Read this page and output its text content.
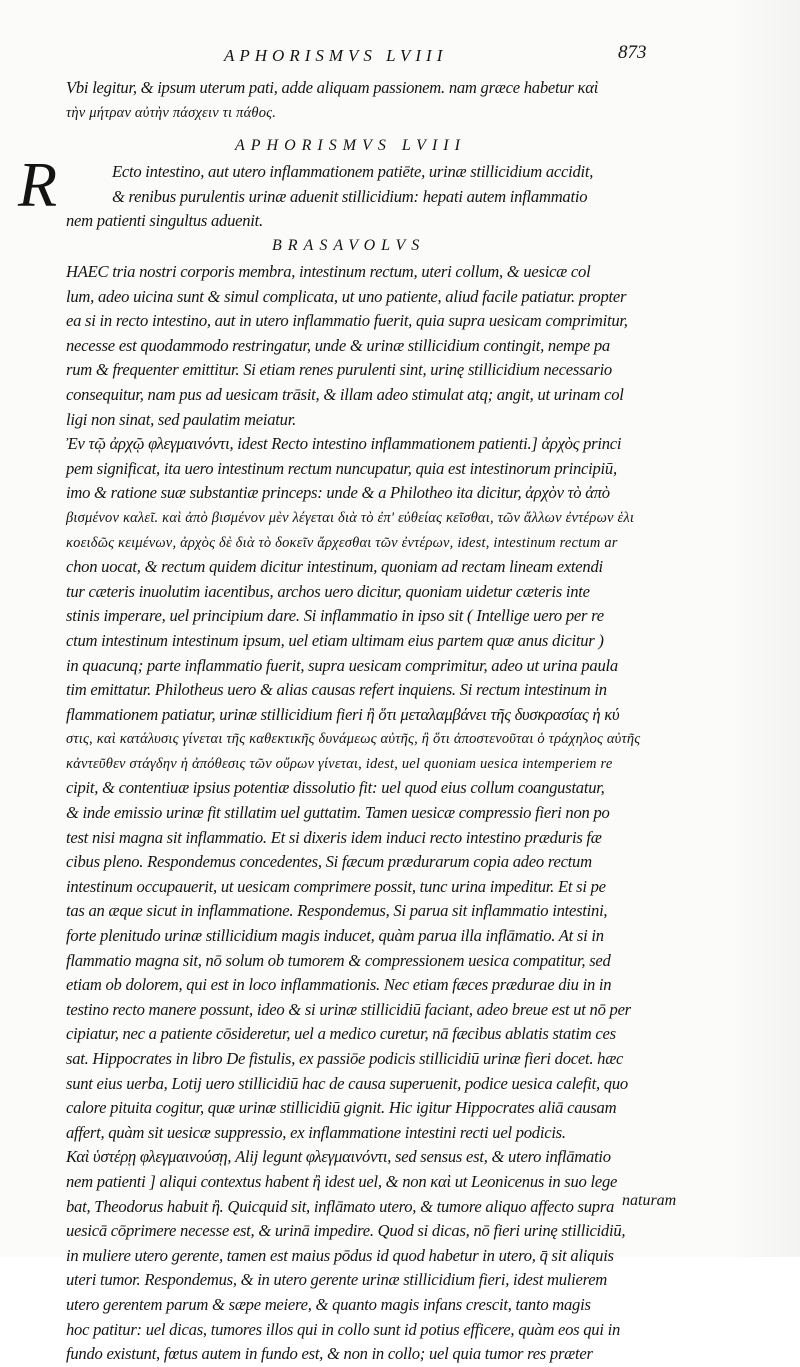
APHORISMVS LVIII	873
Vbi legitur, & ipsum uterum pati, adde aliquam passionem. nam græce habetur καὶ
τὴν μήτραν αὐτὴν πάσχειν τι πάθος.
APHORISMVS LVIII
R	Ecto intestino, aut utero inflammationem patiēte, urinæ stillicidium accidit,
& renibus purulentis urinæ aduenit stillicidium: hepati autem inflammatio
nem patienti singultus aduenit.
BRASAVOLVS
HAEC tria nostri corporis membra, intestinum rectum, uteri collum, & uesicæ col
lum, adeo uicina sunt & simul complicata, ut uno patiente, aliud facile patiatur. propter
ea si in recto intestino, aut in utero inflammatio fuerit, quia supra uesicam comprimitur,
necesse est quodammodo restringatur, unde & urinæ stillicidium contingit, nempe pa
rum & frequenter emittitur. Si etiam renes purulenti sint, urinę stillicidium necessario
consequitur, nam pus ad uesicam trāsit, & illam adeo stimulat atq; angit, ut urinam col
ligi non sinat, sed paulatim meiatur.
Ἐν τῷ ἀρχῷ φλεγμαινόντι, idest Recto intestino inflammationem patienti.] ἀρχὸς princi
pem significat, ita uero intestinum rectum nuncupatur, quia est intestinorum principiū,
imo & ratione suæ substantiæ princeps: unde & a Philotheo ita dicitur, ἀρχὸν τὸ ἀπὸ
βισμένον καλεῖ. καὶ ἀπὸ βισμένον μὲν λέγεται διὰ τὸ ἐπ' εὐθείας κεῖσθαι, τῶν ἄλλων ἐντέρων ἑλι
κοειδῶς κειμένων, ἀρχὸς δὲ διὰ τὸ δοκεῖν ἄρχεσθαι τῶν ἐντέρων, idest, intestinum rectum ar
chon uocat, & rectum quidem dicitur intestinum, quoniam ad rectam lineam extendi
tur cæteris inuolutim iacentibus, archos uero dicitur, quoniam uidetur cæteris inte
stinis imperare, uel principium dare. Si inflammatio in ipso sit ( Intellige uero per re
ctum intestinum intestinum ipsum, uel etiam ultimam eius partem quæ anus dicitur )
in quacunq; parte inflammatio fuerit, supra uesicam comprimitur, adeo ut urina paula
tim emittatur. Philotheus uero & alias causas refert inquiens. Si rectum intestinum in
flammationem patiatur, urinæ stillicidium fieri ἢ ὅτι μεταλαμβάνει τῆς δυσκρασίας ἡ κύ
στις, καὶ κατάλυσις γίνεται τῆς καθεκτικῆς δυνάμεως αὐτῆς, ἢ ὅτι ἀποστενοῦται ὁ τράχηλος αὐτῆς
κἀντεῦθεν στάγδην ἡ ἀπόθεσις τῶν οὔρων γίνεται, idest, uel quoniam uesica intemperiem re
cipit, & contentiuæ ipsius potentiæ dissolutio fit: uel quod eius collum coangustatur,
& inde emissio urinæ fit stillatim uel guttatim. Tamen uesicæ compressio fieri non po
test nisi magna sit inflammatio. Et si dixeris idem induci recto intestino præduris fæ
cibus pleno. Respondemus concedentes, Si fæcum prædurarum copia adeo rectum
intestinum occupauerit, ut uesicam comprimere possit, tunc urina impeditur. Et si pe
tas an æque sicut in inflammatione. Respondemus, Si parua sit inflammatio intestini,
forte plenitudo urinæ stillicidium magis inducet, quàm parua illa inflāmatio. At si in
flammatio magna sit, nō solum ob tumorem & compressionem uesica compatitur, sed
etiam ob dolorem, qui est in loco inflammationis. Nec etiam fæces prædurae diu in in
testino recto manere possunt, ideo & si urinæ stillicidiū faciant, adeo breue est ut nō per
cipiatur, nec a patiente cōsideretur, uel a medico curetur, nā fæcibus ablatis statim ces
sat. Hippocrates in libro De fistulis, ex passiōe podicis stillicidiū urinæ fieri docet. hæc
sunt eius uerba, Lotij uero stillicidiū hac de causa superuenit, podice uesica calefit, quo
calore pituita cogitur, quæ urinæ stillicidiū gignit. Hic igitur Hippocrates aliā causam
affert, quàm sit uesicæ suppressio, ex inflammatione intestini recti uel podicis.
Καὶ ὑστέρῃ φλεγμαινούσῃ, Alij legunt φλεγμαινόντι, sed sensus est, & utero inflāmatio
nem patienti ] aliqui contextus habent ἢ idest uel, & non καὶ ut Leonicenus in suo lege
bat, Theodorus habuit ἢ. Quicquid sit, inflāmato utero, & tumore aliquo affecto supra
uesicā cōprimere necesse est, & urinā impedire. Quod si dicas, nō fieri urinę stillicidiū,
in muliere utero gerente, tamen est maius pōdus id quod habetur in utero, q̄ sit aliquis
uteri tumor. Respondemus, & in utero gerente urinæ stillicidium fieri, idest mulierem
utero gerentem parum & sæpe meiere, & quanto magis infans crescit, tanto magis
hoc patitur: uel dicas, tumores illos qui in collo sunt id potius efficere, quàm eos qui in
fundo existunt, fœtus autem in fundo est, & non in collo; uel quia tumor res præter
naturam
